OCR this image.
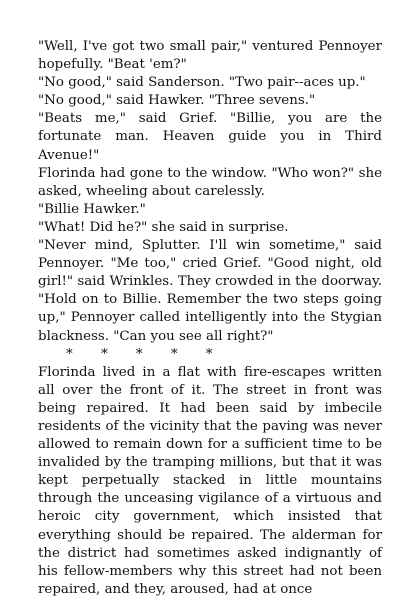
"Well, I've got two small pair," ventured Pennoyer hopefully. "Beat 'em?"

"No good," said Sanderson. "Two pair--aces up."

"No good," said Hawker. "Three sevens."

"Beats me," said Grief. "Billie, you are the fortunate man. Heaven guide you in Third Avenue!"

Florinda had gone to the window. "Who won?" she asked, wheeling about carelessly.

"Billie Hawker."

"What! Did he?" she said in surprise.

"Never mind, Splutter. I'll win sometime," said Pennoyer. "Me too," cried Grief. "Good night, old girl!" said Wrinkles. They crowded in the doorway. "Hold on to Billie. Remember the two steps going up," Pennoyer called intelligently into the Stygian blackness. "Can you see all right?"

* * * * *

Florinda lived in a flat with fire-escapes written all over the front of it. The street in front was being repaired. It had been said by imbecile residents of the vicinity that the paving was never allowed to remain down for a sufficient time to be invalided by the tramping millions, but that it was kept perpetually stacked in little mountains through the unceasing vigilance of a virtuous and heroic city government, which insisted that everything should be repaired. The alderman for the district had sometimes asked indignantly of his fellow-members why this street had not been repaired, and they, aroused, had at once
